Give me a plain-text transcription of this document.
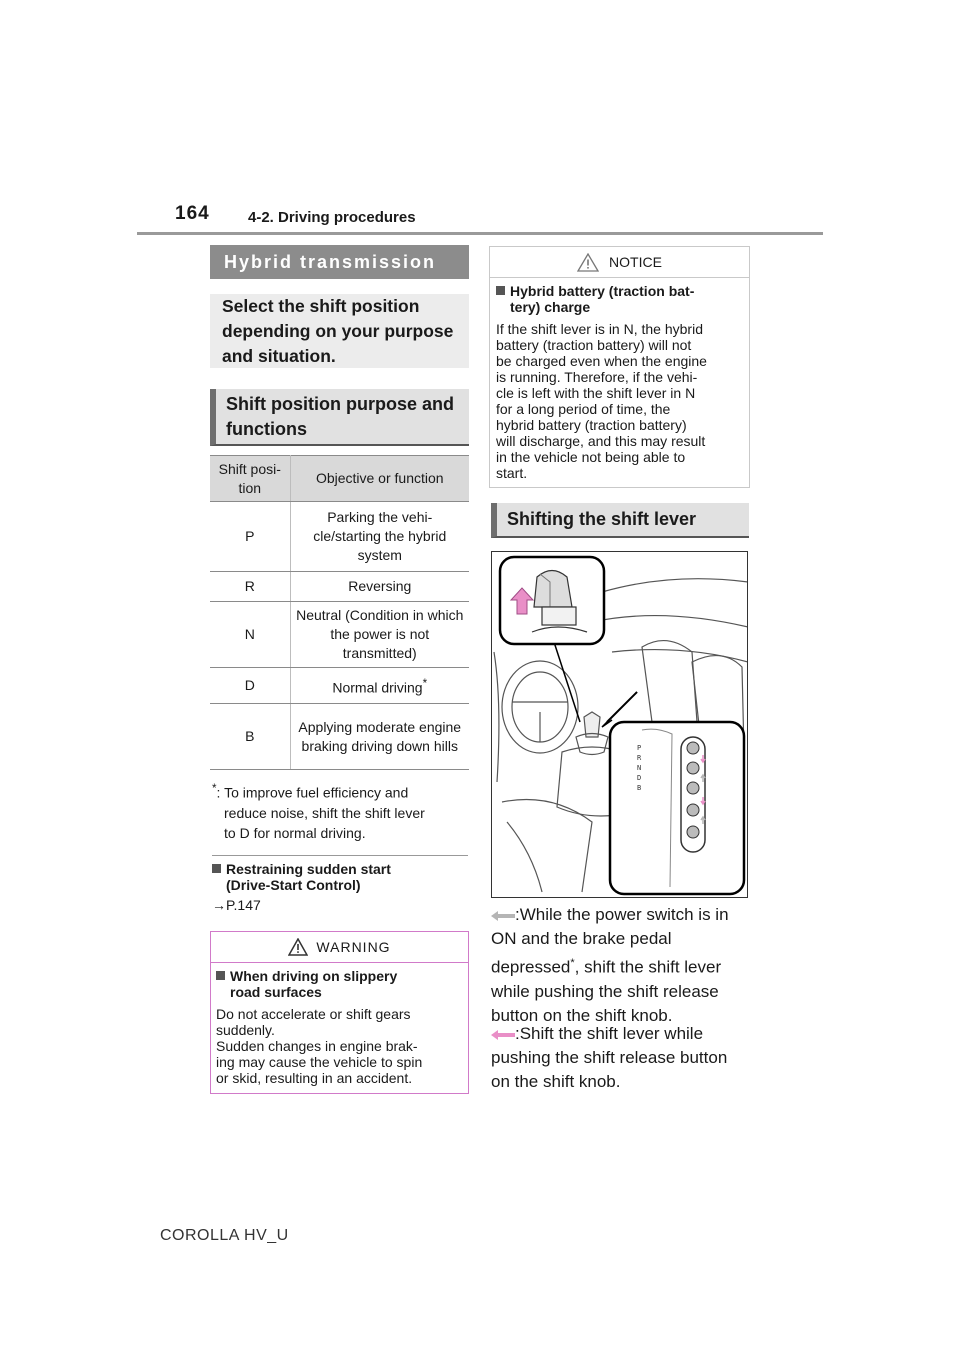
164	4-2. Driving procedures
Hybrid transmission
Select the shift position depending on your purpose and situation.
Shift position purpose and functions
Shift posi-tion	Objective or function
P	Parking the vehi-cle/starting the hybrid system
R	Reversing
N	Neutral (Condition in which the power is not transmitted)
D	Normal driving*
B	Applying moderate engine braking driving down hills
*: To improve fuel efficiency and
reduce noise, shift the shift lever
to D for normal driving.
Restraining sudden start
(Drive-Start Control)
→P.147
WARNING
When driving on slippery
road surfaces
Do not accelerate or shift gears
suddenly.
Sudden changes in engine brak-
ing may cause the vehicle to spin
or skid, resulting in an accident.
NOTICE
Hybrid battery (traction bat-
tery) charge
If the shift lever is in N, the hybrid
battery (traction battery) will not
be charged even when the engine
is running. Therefore, if the vehi-
cle is left with the shift lever in N
for a long period of time, the
hybrid battery (traction battery)
will discharge, and this may result
in the vehicle not being able to
start.
Shifting the shift lever
P
R
N
D
B
:While the power switch is in
ON and the brake pedal
depressed*, shift the shift lever
while pushing the shift release
button on the shift knob.
:Shift the shift lever while
pushing the shift release button
on the shift knob.
COROLLA HV_U
